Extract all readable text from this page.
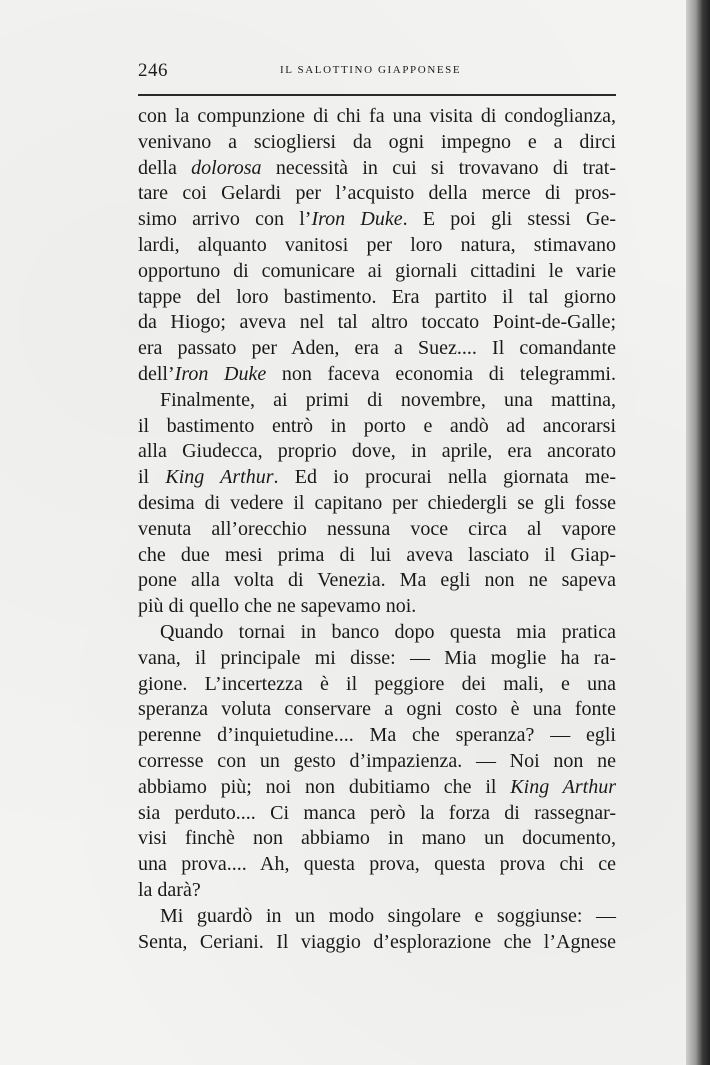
246	IL SALOTTINO GIAPPONESE
con la compunzione di chi fa una visita di condoglianza,
venivano a sciogliersi da ogni impegno e a dirci
della dolorosa necessità in cui si trovavano di trat-
tare coi Gelardi per l’acquisto della merce di pros-
simo arrivo con l’Iron Duke. E poi gli stessi Ge-
lardi, alquanto vanitosi per loro natura, stimavano
opportuno di comunicare ai giornali cittadini le varie
tappe del loro bastimento. Era partito il tal giorno
da Hiogo; aveva nel tal altro toccato Point-de-Galle;
era passato per Aden, era a Suez.... Il comandante
dell’Iron Duke non faceva economia di telegrammi.
Finalmente, ai primi di novembre, una mattina,
il bastimento entrò in porto e andò ad ancorarsi
alla Giudecca, proprio dove, in aprile, era ancorato
il King Arthur. Ed io procurai nella giornata me-
desima di vedere il capitano per chiedergli se gli fosse
venuta all’orecchio nessuna voce circa al vapore
che due mesi prima di lui aveva lasciato il Giap-
pone alla volta di Venezia. Ma egli non ne sapeva
più di quello che ne sapevamo noi.
Quando tornai in banco dopo questa mia pratica
vana, il principale mi disse: — Mia moglie ha ra-
gione. L’incertezza è il peggiore dei mali, e una
speranza voluta conservare a ogni costo è una fonte
perenne d’inquietudine.... Ma che speranza? — egli
corresse con un gesto d’impazienza. — Noi non ne
abbiamo più; noi non dubitiamo che il King Arthur
sia perduto.... Ci manca però la forza di rassegnar-
visi finchè non abbiamo in mano un documento,
una prova.... Ah, questa prova, questa prova chi ce
la darà?
Mi guardò in un modo singolare e soggiunse: —
Senta, Ceriani. Il viaggio d’esplorazione che l’Agnese
